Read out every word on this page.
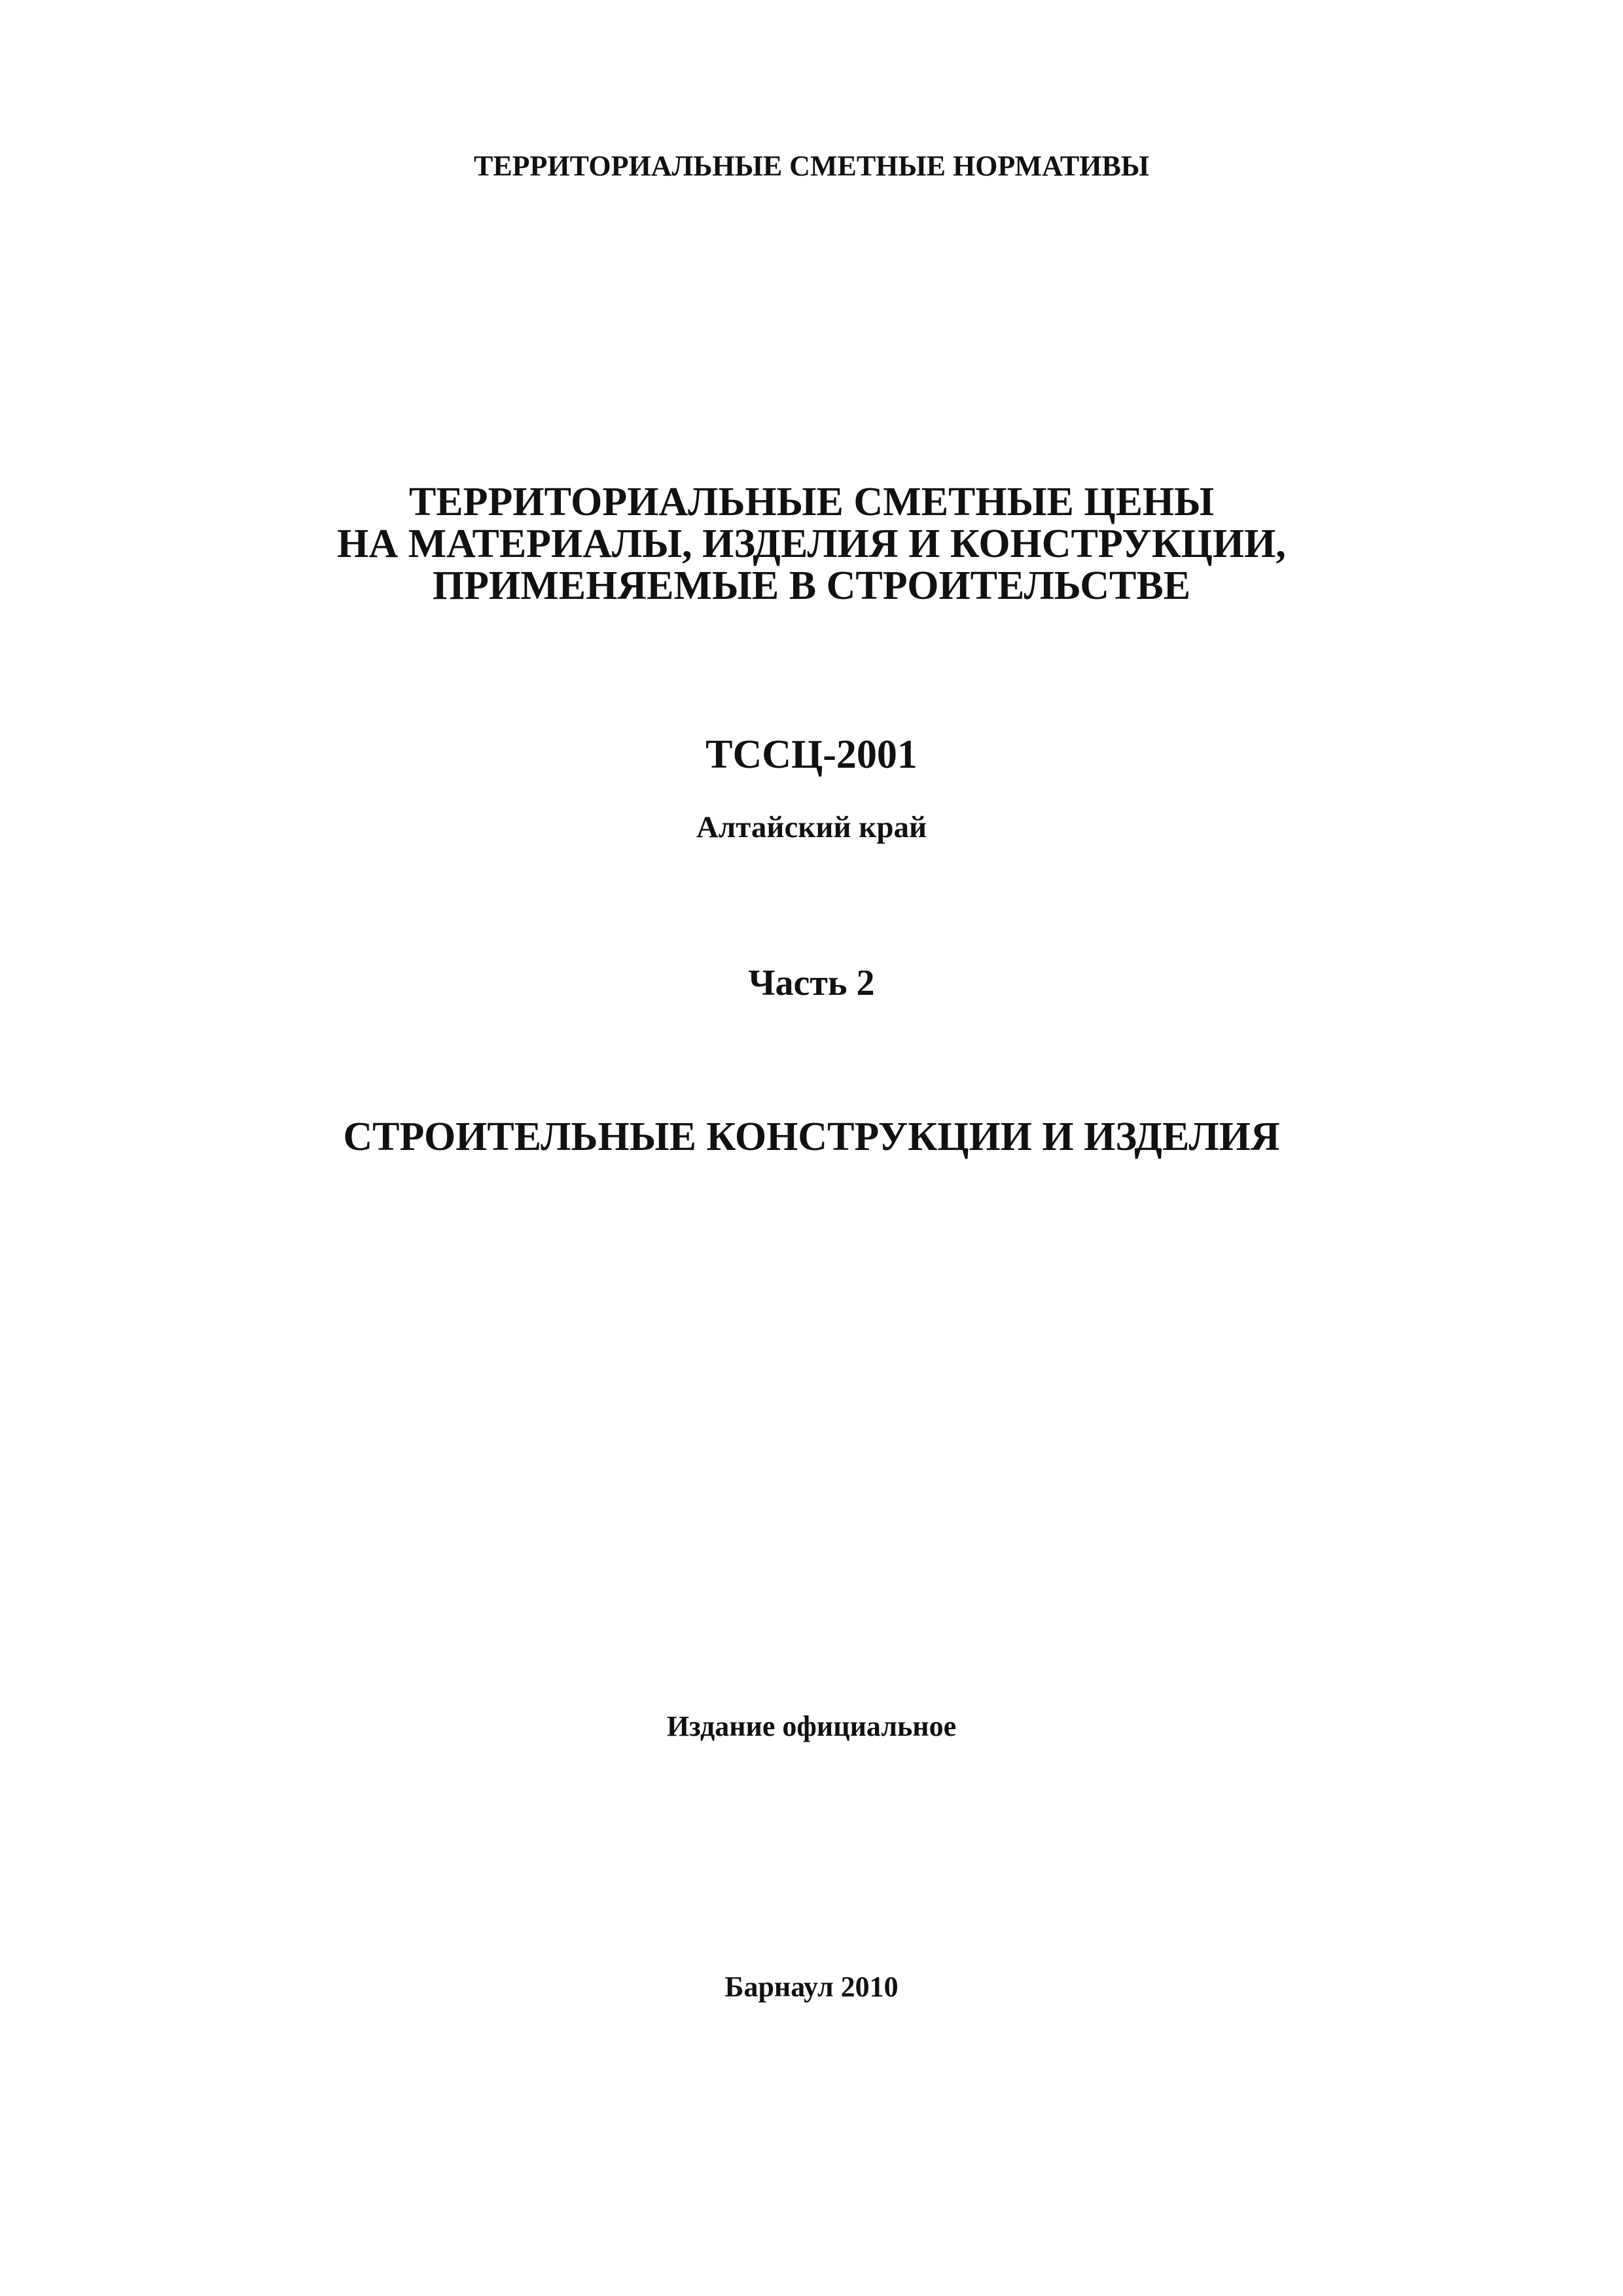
ТЕРРИТОРИАЛЬНЫЕ СМЕТНЫЕ НОРМАТИВЫ
ТЕРРИТОРИАЛЬНЫЕ СМЕТНЫЕ ЦЕНЫ
НА МАТЕРИАЛЫ, ИЗДЕЛИЯ И КОНСТРУКЦИИ,
ПРИМЕНЯЕМЫЕ В СТРОИТЕЛЬСТВЕ
ТССЦ-2001
Алтайский край
Часть 2
СТРОИТЕЛЬНЫЕ КОНСТРУКЦИИ И ИЗДЕЛИЯ
Издание официальное
Барнаул 2010
